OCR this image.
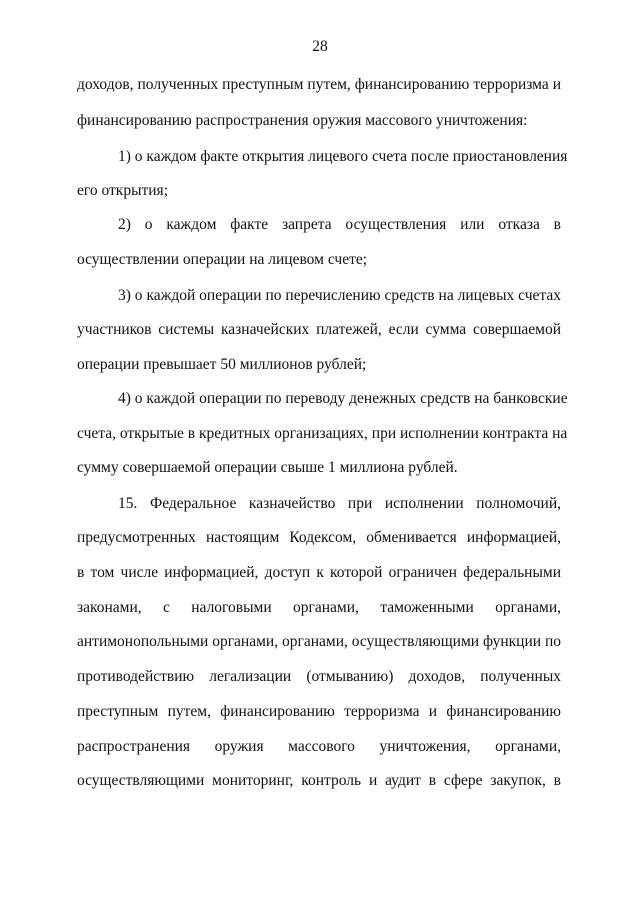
28
доходов, полученных преступным путем, финансированию терроризма и
финансированию распространения оружия массового уничтожения:
1) о каждом факте открытия лицевого счета после приостановления
его открытия;
2) о каждом факте запрета осуществления или отказа в
осуществлении операции на лицевом счете;
3) о каждой операции по перечислению средств на лицевых счетах
участников системы казначейских платежей, если сумма совершаемой
операции превышает 50 миллионов рублей;
4) о каждой операции по переводу денежных средств на банковские
счета, открытые в кредитных организациях, при исполнении контракта на
сумму совершаемой операции свыше 1 миллиона рублей.
15. Федеральное казначейство при исполнении полномочий,
предусмотренных настоящим Кодексом, обменивается информацией,
в том числе информацией, доступ к которой ограничен федеральными
законами, с налоговыми органами, таможенными органами,
антимонопольными органами, органами, осуществляющими функции по
противодействию легализации (отмыванию) доходов, полученных
преступным путем, финансированию терроризма и финансированию
распространения оружия массового уничтожения, органами,
осуществляющими мониторинг, контроль и аудит в сфере закупок, в
